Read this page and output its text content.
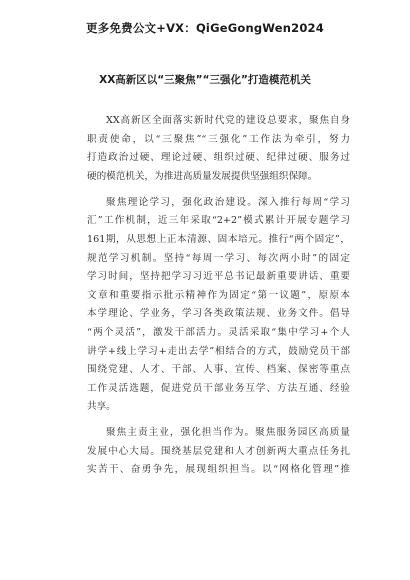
更多免费公文+VX：QiGeGongWen2024
XX高新区以“三聚焦”“三强化”打造模范机关
XX高新区全面落实新时代党的建设总要求，聚焦自身
职责使命，以“三聚焦”“三强化”工作法为牵引，努力
打造政治过硬、理论过硬、组织过硬、纪律过硬、服务过
硬的模范机关，为推进高质量发展提供坚强组织保障。
聚焦理论学习，强化政治建设。深入推行每周“学习
汇”工作机制，近三年采取“2+2”模式累计开展专题学习
161期，从思想上正本清源、固本培元。推行“两个固定”，
规范学习机制。坚持“每周一学习、每次两小时”的固定
学习时间，坚持把学习习近平总书记最新重要讲话、重要
文章和重要指示批示精神作为固定“第一议题”，原原本
本学理论、学业务，学习各类政策法规、业务文件。倡导
“两个灵活”，激发干部活力。灵活采取“集中学习+个人
讲学+线上学习+走出去学”相结合的方式，鼓励党员干部
围绕党建、人才、干部、人事、宣传、档案、保密等重点
工作灵活选题，促进党员干部业务互学、方法互通、经验
共享。
聚焦主责主业，强化担当作为。聚焦服务园区高质量
发展中心大局。围绕基层党建和人才创新两大重点任务扎
实苦干、奋勇争先，展现组织担当。以“网格化管理”推
